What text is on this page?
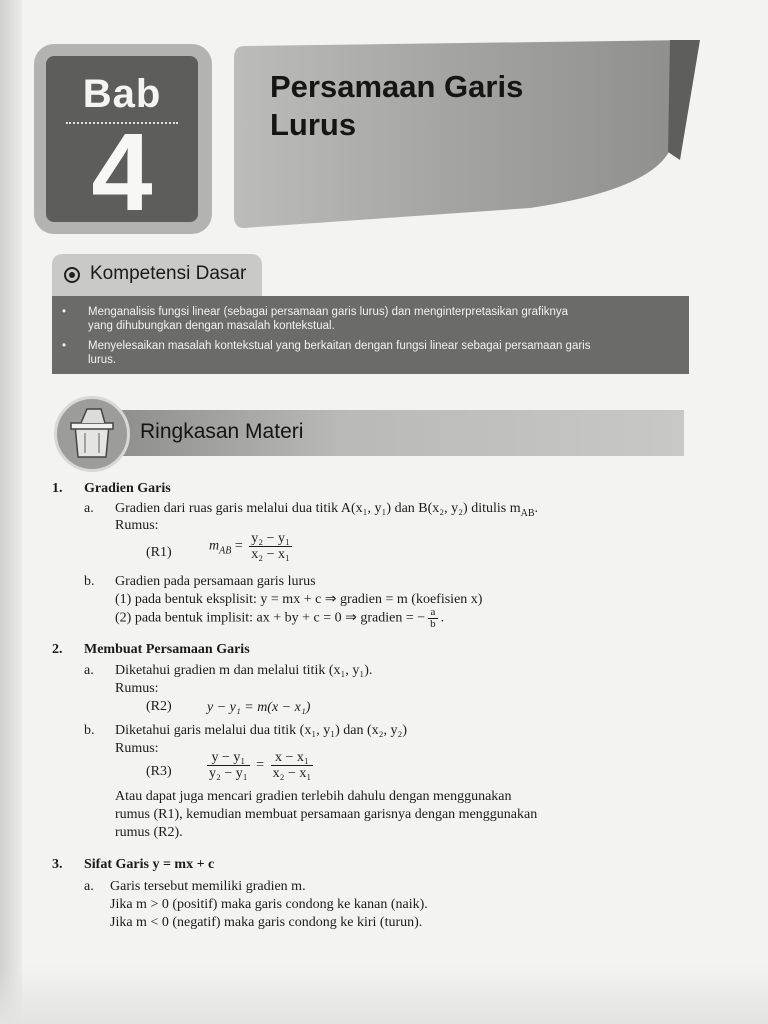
Bab
4
Persamaan Garis
Lurus
Kompetensi Dasar
• Menganalisis fungsi linear (sebagai persamaan garis lurus) dan menginterpretasikan grafiknya
yang dihubungkan dengan masalah kontekstual.
• Menyelesaikan masalah kontekstual yang berkaitan dengan fungsi linear sebagai persamaan garis
lurus.
Ringkasan Materi
1. Gradien Garis
a. Gradien dari ruas garis melalui dua titik A(x₁, y₁) dan B(x₂, y₂) ditulis $m_{AB}$.
Rumus:
(R1)	$m_{AB} = \frac{\text{y₂ − y₁}}{\text{x₂ − x₁}}$
b. Gradien pada persamaan garis lurus
(1) pada bentuk eksplisit: y = mx + c ⇒ gradien = m (koefisien x)
(2) pada bentuk implisit: ax + by + c = 0 ⇒ gradien = − $\frac{a}{b}$ .
2. Membuat Persamaan Garis
a. Diketahui gradien m dan melalui titik (x₁, y₁).
Rumus:
(R2)	y − y₁ = m(x − x₁)
b. Diketahui garis melalui dua titik (x₁, y₁) dan (x₂, y₂)
Rumus:
(R3)	$\frac{\text{y − y₁}}{\text{y₂ − y₁}} = \frac{\text{x − x₁}}{\text{x₂ − x₁}}$
Atau dapat juga mencari gradien terlebih dahulu dengan menggunakan
rumus (R1), kemudian membuat persamaan garisnya dengan menggunakan
rumus (R2).
3. Sifat Garis y = mx + c
a. Garis tersebut memiliki gradien m.
Jika m > 0 (positif) maka garis condong ke kanan (naik).
Jika m < 0 (negatif) maka garis condong ke kiri (turun).
